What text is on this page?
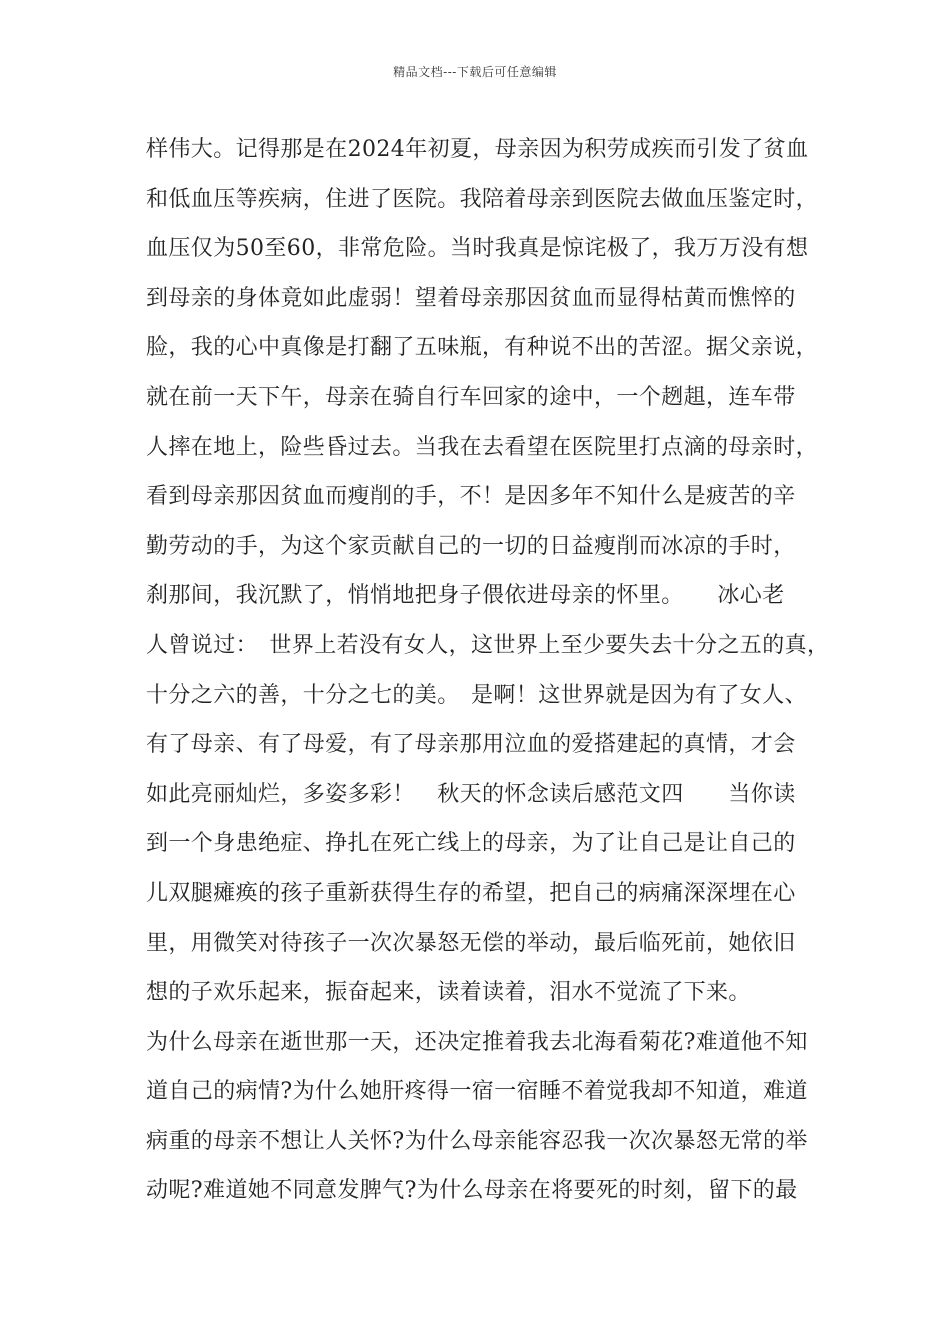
精品文档---下载后可任意编辑
样伟大。记得那是在2024年初夏，母亲因为积劳成疾而引发了贫血
和低血压等疾病，住进了医院。我陪着母亲到医院去做血压鉴定时，
血压仅为50至60，非常危险。当时我真是惊诧极了，我万万没有想
到母亲的身体竟如此虚弱！望着母亲那因贫血而显得枯黄而憔悴的
脸，我的心中真像是打翻了五味瓶，有种说不出的苦涩。据父亲说，
就在前一天下午，母亲在骑自行车回家的途中，一个趔趄，连车带
人摔在地上，险些昏过去。当我在去看望在医院里打点滴的母亲时，
看到母亲那因贫血而瘦削的手，不！是因多年不知什么是疲苦的辛
勤劳动的手，为这个家贡献自己的一切的日益瘦削而冰凉的手时，
刹那间，我沉默了，悄悄地把身子偎依进母亲的怀里。　　冰心老
人曾说过：　世界上若没有女人，这世界上至少要失去十分之五的真，
十分之六的善，十分之七的美。　是啊！这世界就是因为有了女人、
有了母亲、有了母爱，有了母亲那用泣血的爱搭建起的真情，才会
如此亮丽灿烂，多姿多彩！　秋天的怀念读后感范文四　　当你读
到一个身患绝症、挣扎在死亡线上的母亲，为了让自己是让自己的
儿双腿瘫痪的孩子重新获得生存的希望，把自己的病痛深深埋在心
里，用微笑对待孩子一次次暴怒无偿的举动，最后临死前，她依旧
想的子欢乐起来，振奋起来，读着读着，泪水不觉流了下来。
为什么母亲在逝世那一天，还决定推着我去北海看菊花?难道他不知
道自己的病情?为什么她肝疼得一宿一宿睡不着觉我却不知道，难道
病重的母亲不想让人关怀?为什么母亲能容忍我一次次暴怒无常的举
动呢?难道她不同意发脾气?为什么母亲在将要死的时刻，留下的最
